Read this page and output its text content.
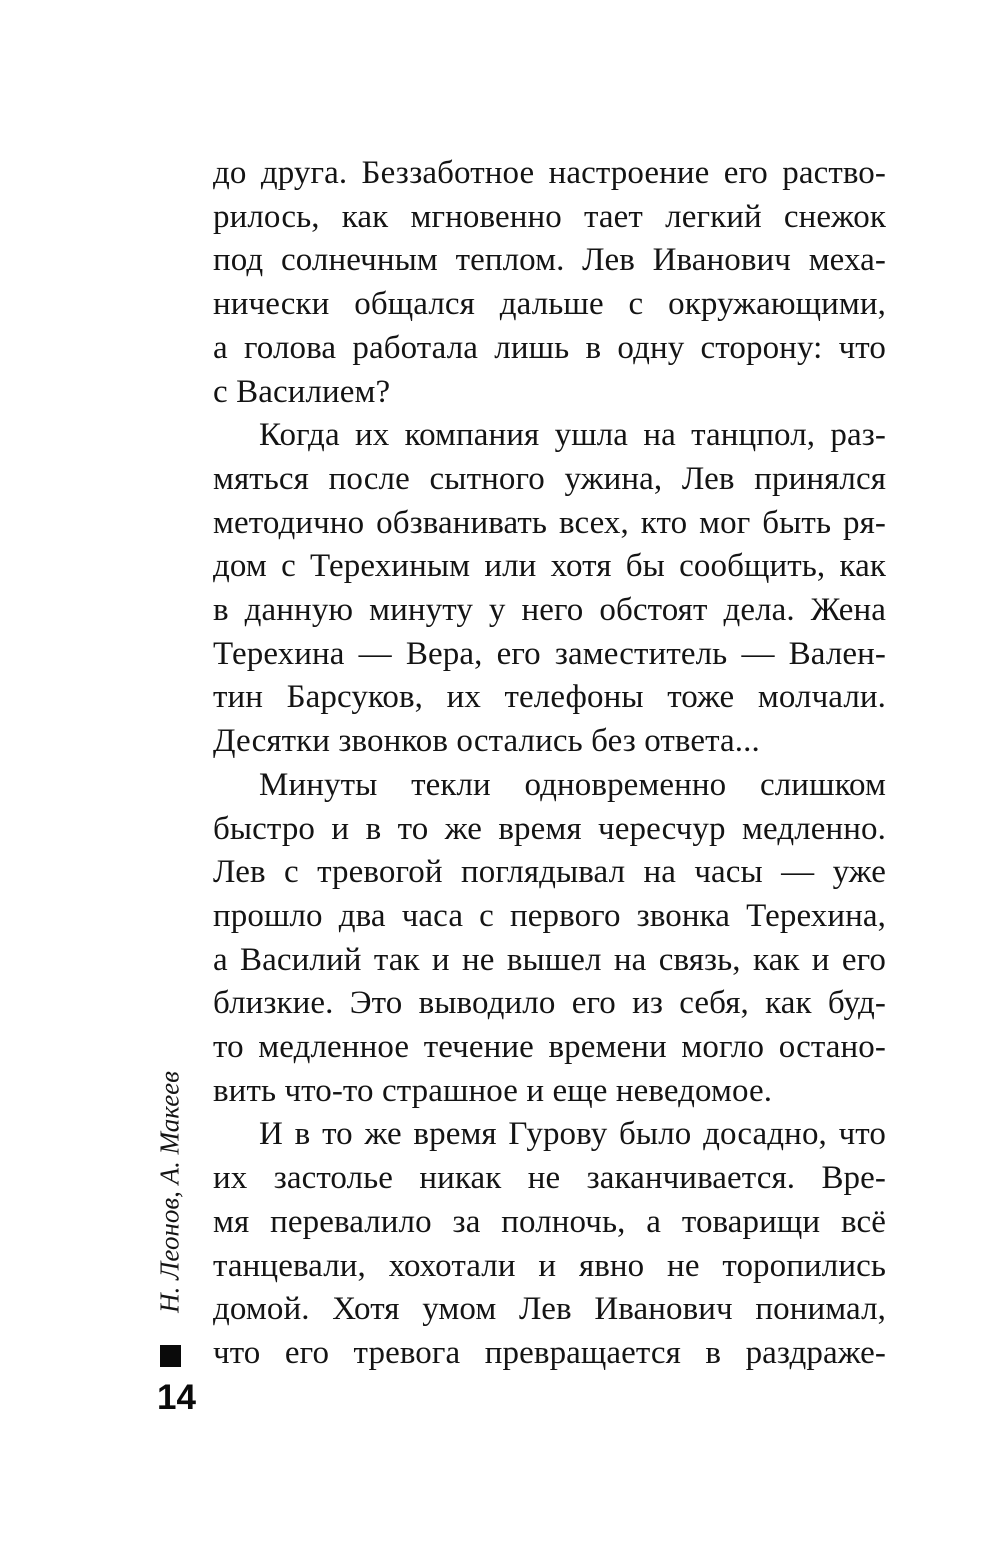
до друга. Беззаботное настроение его раство-
рилось, как мгновенно тает легкий снежок
под солнечным теплом. Лев Иванович меха-
нически общался дальше с окружающими,
а голова работала лишь в одну сторону: что
с Василием?
Когда их компания ушла на танцпол, раз-
мяться после сытного ужина, Лев принялся
методично обзванивать всех, кто мог быть ря-
дом с Терехиным или хотя бы сообщить, как
в данную минуту у него обстоят дела. Жена
Терехина — Вера, его заместитель — Вален-
тин Барсуков, их телефоны тоже молчали.
Десятки звонков остались без ответа...
Минуты текли одновременно слишком
быстро и в то же время чересчур медленно.
Лев с тревогой поглядывал на часы — уже
прошло два часа с первого звонка Терехина,
а Василий так и не вышел на связь, как и его
близкие. Это выводило его из себя, как буд-
то медленное течение времени могло остано-
вить что-то страшное и еще неведомое.
И в то же время Гурову было досадно, что
их застолье никак не заканчивается. Вре-
мя перевалило за полночь, а товарищи всё
танцевали, хохотали и явно не торопились
домой. Хотя умом Лев Иванович понимал,
что его тревога превращается в раздраже-
Н. Леонов, А. Макеев
14
